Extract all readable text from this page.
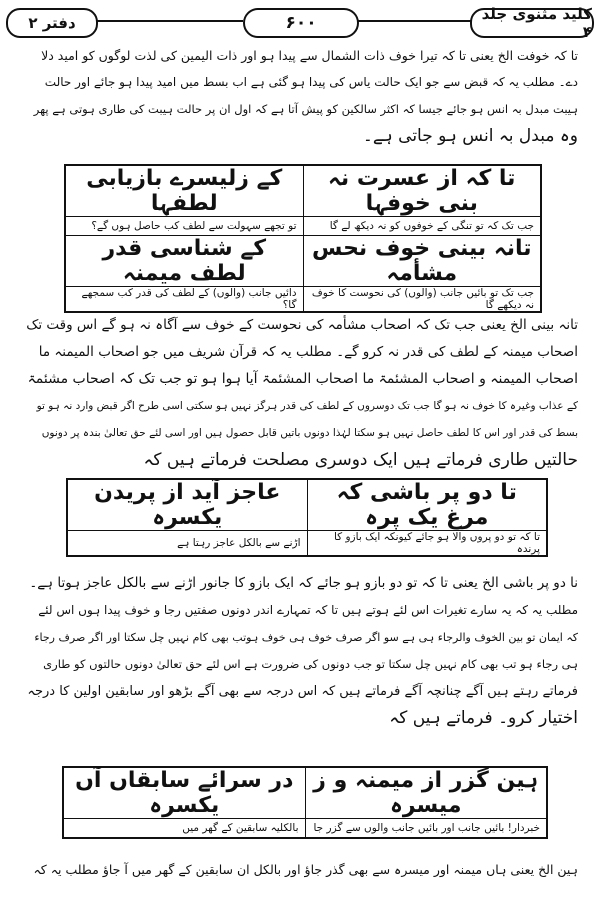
دفتر ۲	۶۰۰	کلید مثنوی جلد ۴
تا کہ خوفت الخ یعنی تا کہ تیرا خوف ذات الشمال سے پیدا ہو اور ذات الیمین کی لذت لوگوں کو امید دلا
دے۔ مطلب یہ کہ قبض سے جو ایک حالت یاس کی پیدا ہو گئی ہے اب بسط میں امید پیدا ہو جائے اور حالت
ہیبت مبدل بہ انس ہو جائے جیسا کہ اکثر سالکین کو پیش آتا ہے کہ اول ان پر حالت ہیبت کی طاری ہوتی ہے پھر
وہ مبدل بہ انس ہو جاتی ہے۔
تا کہ از عسرت نہ بنی خوفہا	کے زلیسرے بازیابی لطفہا
جب تک کہ تو تنگی کے خوفوں کو نہ دیکھ لے گا	تو تجھے سہولت سے لطف کب حاصل ہوں گے؟
تانہ بینی خوف نحس مشأمہ	کے شناسی قدر لطف میمنہ
جب تک تو بائیں جانب (والوں) کی نحوست کا خوف نہ دیکھے گا	دائیں جانب (والوں) کے لطف کی قدر کب سمجھے گا؟
تانہ بینی الخ یعنی جب تک کہ اصحاب مشأمہ کی نحوست کے خوف سے آگاہ نہ ہو گے اس وقت تک
اصحاب میمنہ کے لطف کی قدر نہ کرو گے۔ مطلب یہ کہ قرآن شریف میں جو اصحاب المیمنہ ما
اصحاب المیمنہ و اصحاب المشئمۃ ما اصحاب المشئمۃ آیا ہوا ہو تو جب تک کہ اصحاب مشئمۃ
کے عذاب وغیرہ کا خوف نہ ہو گا جب تک دوسروں کے لطف کی قدر ہرگز نہیں ہو سکتی اسی طرح اگر قبض وارد نہ ہو تو
بسط کی قدر اور اس کا لطف حاصل نہیں ہو سکتا لہٰذا دونوں باتیں قابل حصول ہیں اور اسی لئے حق تعالیٰ بندہ پر دونوں
حالتیں طاری فرماتے ہیں ایک دوسری مصلحت فرماتے ہیں کہ
تا دو پر باشی کہ مرغ یک پرہ	عاجز آید از پریدن یکسرہ
تا کہ تو دو پروں والا ہو جائے کیونکہ ایک بازو کا پرندہ	اڑنے سے بالکل عاجز رہتا ہے
نا دو پر باشی الخ یعنی تا کہ تو دو بازو ہو جائے کہ ایک بازو کا جانور اڑنے سے بالکل عاجز ہوتا ہے۔
مطلب یہ کہ یہ سارے تغیرات اس لئے ہوتے ہیں تا کہ تمہارے اندر دونوں صفتیں رجا و خوف پیدا ہوں اس لئے
کہ ایمان تو بین الخوف والرجاء ہی ہے سو اگر صرف خوف ہی خوف ہوتب بھی کام نہیں چل سکتا اور اگر صرف رجاء
ہی رجاء ہو تب بھی کام نہیں چل سکتا تو جب دونوں کی ضرورت ہے اس لئے حق تعالیٰ دونوں حالتوں کو طاری
فرماتے رہتے ہیں آگے چنانچہ آگے فرماتے ہیں کہ اس درجہ سے بھی آگے بڑھو اور سابقین اولین کا درجہ
اختیار کرو۔ فرماتے ہیں کہ
ہین گزر از میمنہ و ز میسرہ	در سرائے سابقاں آں یکسرہ
خبردار! بائیں جانب اور بائیں جانب والوں سے گزر جا	بالکلیہ سابقین کے گھر میں
ہین الخ یعنی ہاں میمنہ اور میسرہ سے بھی گذر جاؤ اور بالکل ان سابقین کے گھر میں آ جاؤ مطلب یہ کہ
